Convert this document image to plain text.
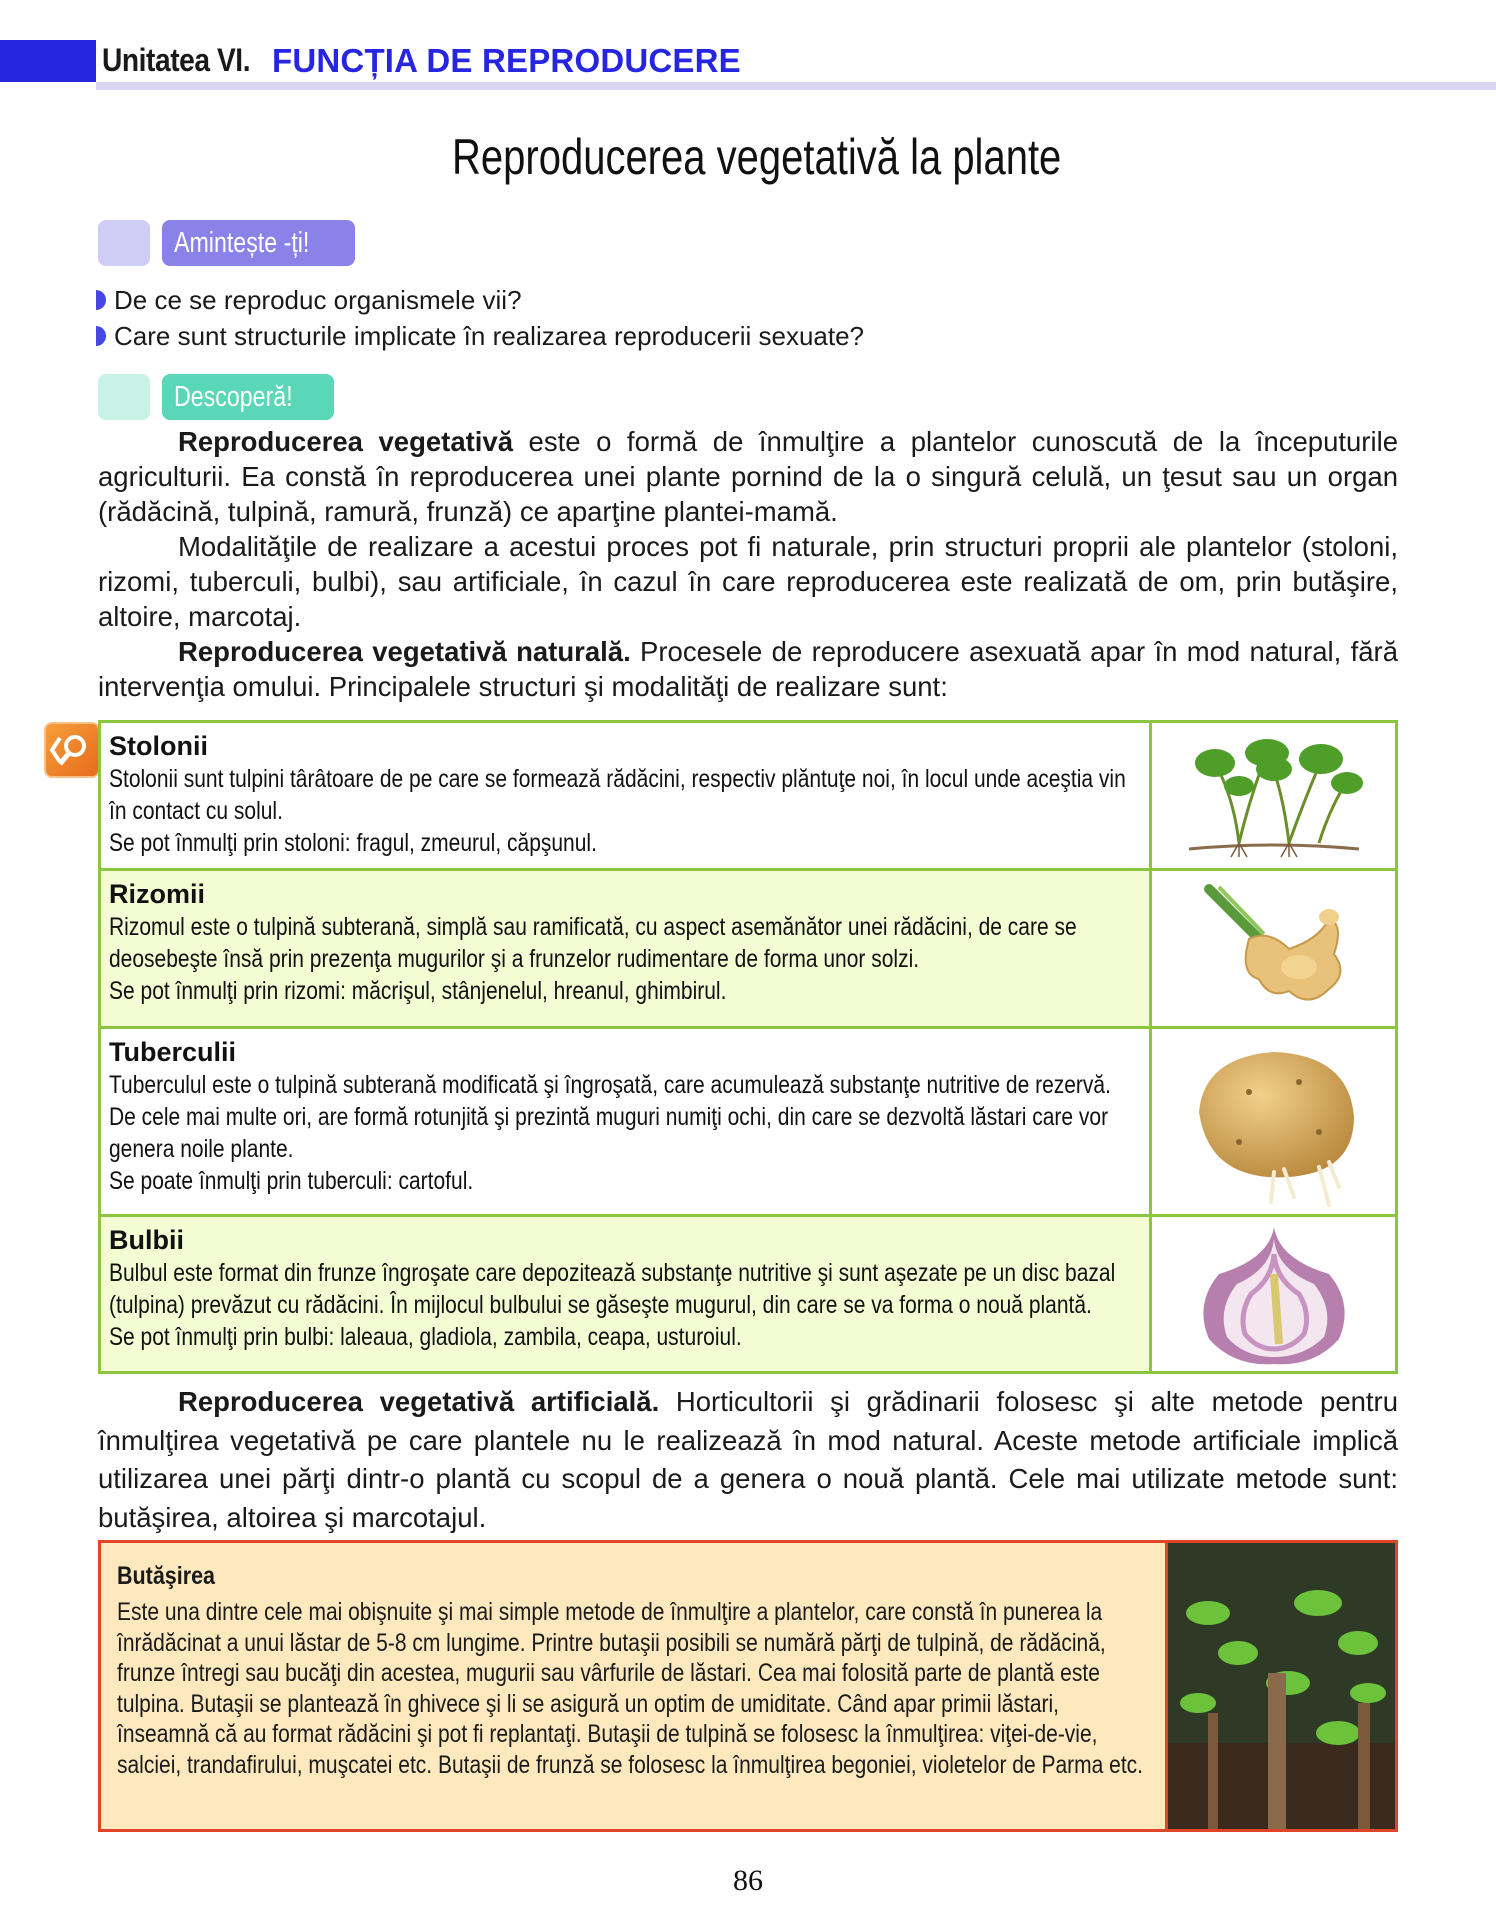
Unitatea VI. FUNCȚIA DE REPRODUCERE
Reproducerea vegetativă la plante
Amintește -ți!
De ce se reproduc organismele vii?
Care sunt structurile implicate în realizarea reproducerii sexuate?
Descoperă!
Reproducerea vegetativă este o formă de înmulţire a plantelor cunoscută de la începuturile agriculturii. Ea constă în reproducerea unei plante pornind de la o singură celulă, un ţesut sau un organ (rădăcină, tulpină, ramură, frunză) ce aparţine plantei-mamă.
Modalităţile de realizare a acestui proces pot fi naturale, prin structuri proprii ale plantelor (stoloni, rizomi, tuberculi, bulbi), sau artificiale, în cazul în care reproducerea este realizată de om, prin butăşire, altoire, marcotaj.
Reproducerea vegetativă naturală. Procesele de reproducere asexuată apar în mod natural, fără intervenţia omului. Principalele structuri şi modalităţi de realizare sunt:
Stolonii
Stolonii sunt tulpini târâtoare de pe care se formează rădăcini, respectiv plăntuţe noi, în locul unde aceştia vin în contact cu solul.
Se pot înmulţi prin stoloni: fragul, zmeurul, căpşunul.
Rizomii
Rizomul este o tulpină subterană, simplă sau ramificată, cu aspect asemănător unei rădăcini, de care se deosebeşte însă prin prezenţa mugurilor şi a frunzelor rudimentare de forma unor solzi.
Se pot înmulţi prin rizomi: măcrişul, stânjenelul, hreanul, ghimbirul.
Tuberculii
Tuberculul este o tulpină subterană modificată şi îngroşată, care acumulează substanţe nutritive de rezervă. De cele mai multe ori, are formă rotunjită şi prezintă muguri numiţi ochi, din care se dezvoltă lăstari care vor genera noile plante.
Se poate înmulţi prin tuberculi: cartoful.
Bulbii
Bulbul este format din frunze îngroşate care depozitează substanţe nutritive şi sunt aşezate pe un disc bazal (tulpina) prevăzut cu rădăcini. În mijlocul bulbului se găseşte mugurul, din care se va forma o nouă plantă.
Se pot înmulţi prin bulbi: laleaua, gladiola, zambila, ceapa, usturoiul.
Reproducerea vegetativă artificială. Horticultorii şi grădinarii folosesc şi alte metode pentru înmulţirea vegetativă pe care plantele nu le realizează în mod natural. Aceste metode artificiale implică utilizarea unei părţi dintr-o plantă cu scopul de a genera o nouă plantă. Cele mai utilizate metode sunt: butăşirea, altoirea şi marcotajul.
Butăşirea
Este una dintre cele mai obişnuite şi mai simple metode de înmulţire a plantelor, care constă în punerea la înrădăcinat a unui lăstar de 5-8 cm lungime. Printre butaşii posibili se numără părţi de tulpină, de rădăcină, frunze întregi sau bucăţi din acestea, mugurii sau vârfurile de lăstari. Cea mai folosită parte de plantă este tulpina. Butaşii se plantează în ghivece şi li se asigură un optim de umiditate. Când apar primii lăstari, înseamnă că au format rădăcini şi pot fi replantaţi. Butaşii de tulpină se folosesc la înmulţirea: viţei-de-vie, salciei, trandafirului, muşcatei etc. Butaşii de frunză se folosesc la înmulţirea begoniei, violetelor de Parma etc.
86
